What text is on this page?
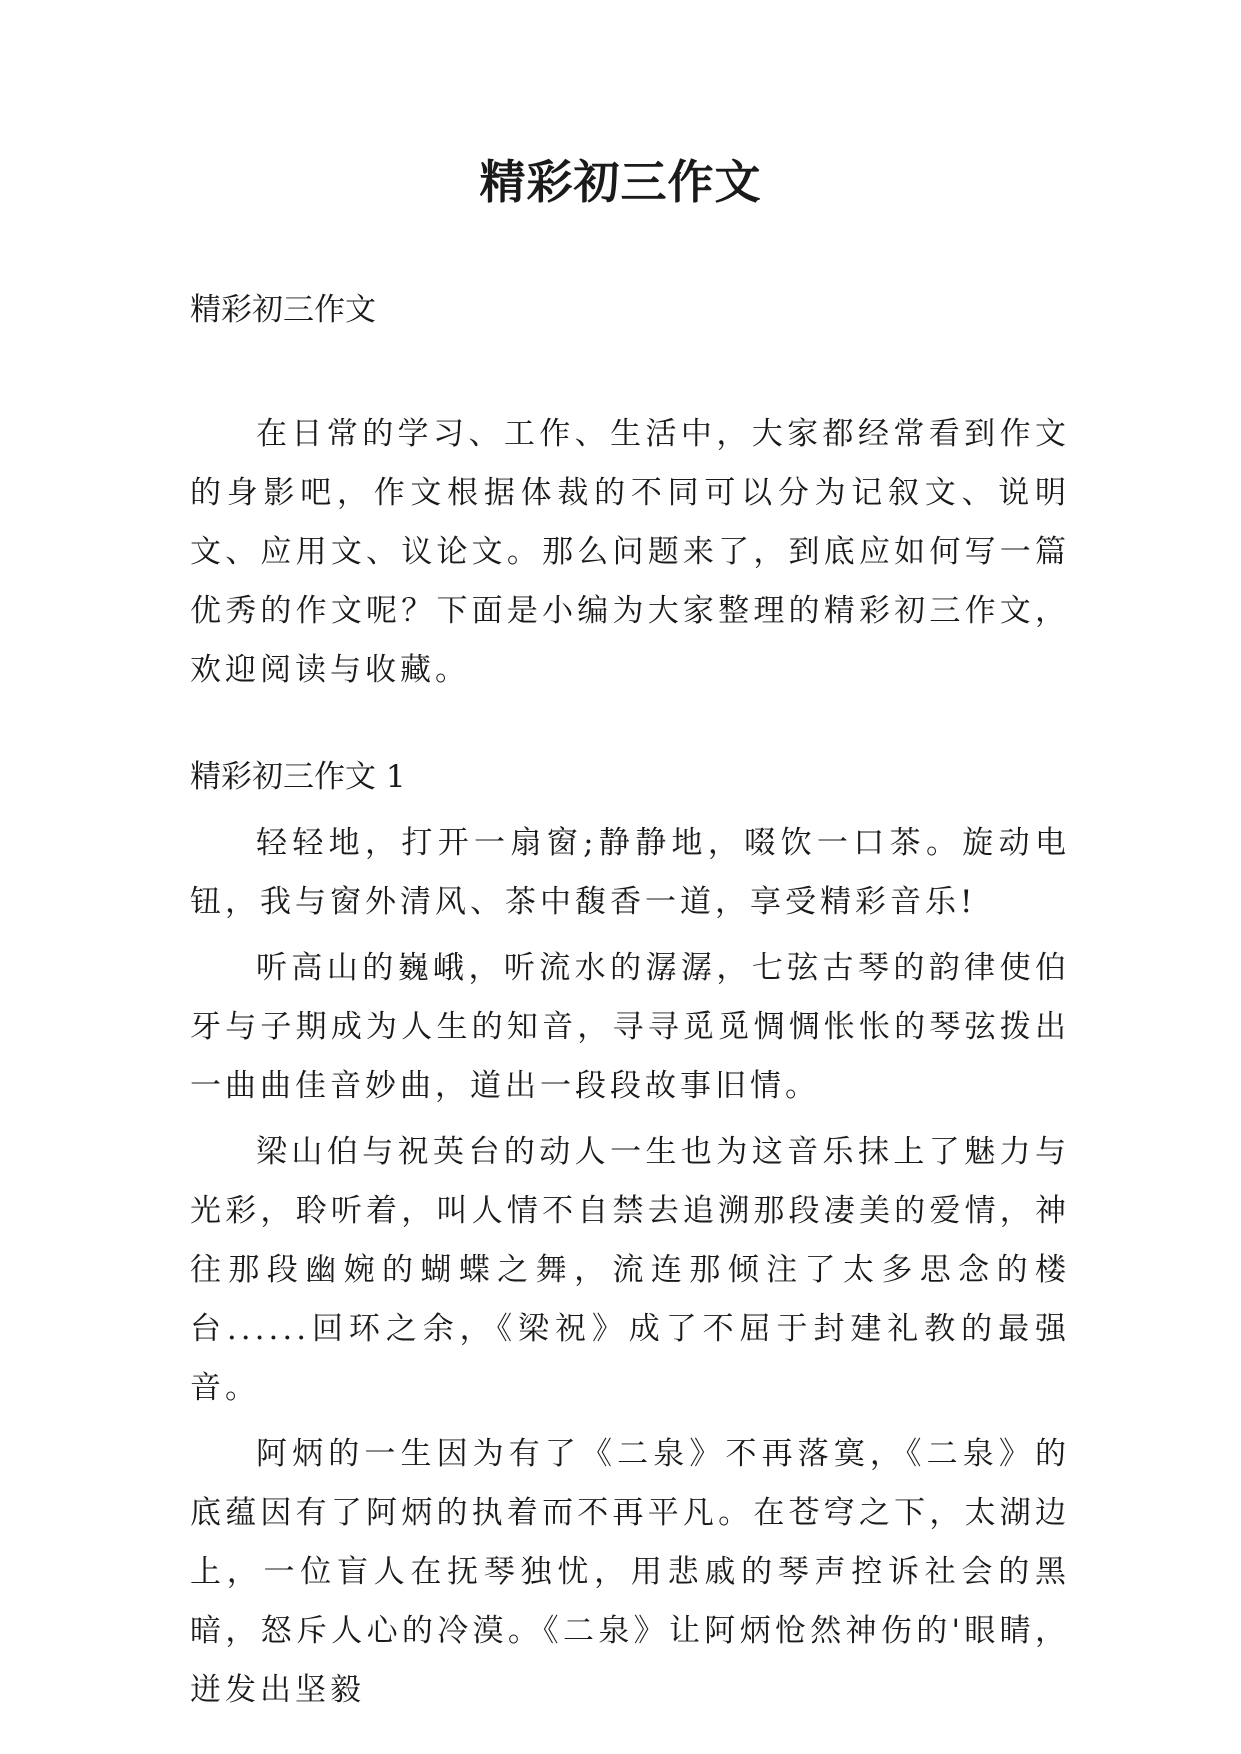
精彩初三作文

精彩初三作文

在日常的学习、工作、生活中，大家都经常看到作文的身影吧，作文根据体裁的不同可以分为记叙文、说明文、应用文、议论文。那么问题来了，到底应如何写一篇优秀的作文呢？下面是小编为大家整理的精彩初三作文，欢迎阅读与收藏。

精彩初三作文 1

轻轻地，打开一扇窗;静静地，啜饮一口茶。旋动电钮，我与窗外清风、茶中馥香一道，享受精彩音乐!

听高山的巍峨，听流水的潺潺，七弦古琴的韵律使伯牙与子期成为人生的知音，寻寻觅觅惆惆怅怅的琴弦拨出一曲曲佳音妙曲，道出一段段故事旧情。

梁山伯与祝英台的动人一生也为这音乐抹上了魅力与光彩，聆听着，叫人情不自禁去追溯那段凄美的爱情，神往那段幽婉的蝴蝶之舞，流连那倾注了太多思念的楼台......回环之余，《梁祝》成了不屈于封建礼教的最强音。

阿炳的一生因为有了《二泉》不再落寞，《二泉》的底蕴因有了阿炳的执着而不再平凡。在苍穹之下，太湖边上，一位盲人在抚琴独忧，用悲戚的琴声控诉社会的黑暗，怒斥人心的冷漠。《二泉》让阿炳怆然神伤的'眼睛，迸发出坚毅
